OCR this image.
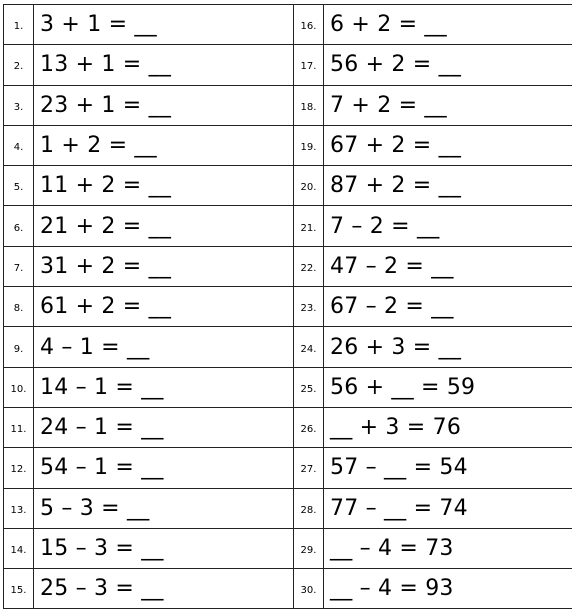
1.	3 + 1 = __	16.	6 + 2 = __
2.	13 + 1 = __	17.	56 + 2 = __
3.	23 + 1 = __	18.	7 + 2 = __
4.	1 + 2 = __	19.	67 + 2 = __
5.	11 + 2 = __	20.	87 + 2 = __
6.	21 + 2 = __	21.	7 – 2 = __
7.	31 + 2 = __	22.	47 – 2 = __
8.	61 + 2 = __	23.	67 – 2 = __
9.	4 – 1 = __	24.	26 + 3 = __
10.	14 – 1 = __	25.	56 + __ = 59
11.	24 – 1 = __	26.	__ + 3 = 76
12.	54 – 1 = __	27.	57 – __ = 54
13.	5 – 3 = __	28.	77 – __ = 74
14.	15 – 3 = __	29.	__ – 4 = 73
15.	25 – 3 = __	30.	__ – 4 = 93
